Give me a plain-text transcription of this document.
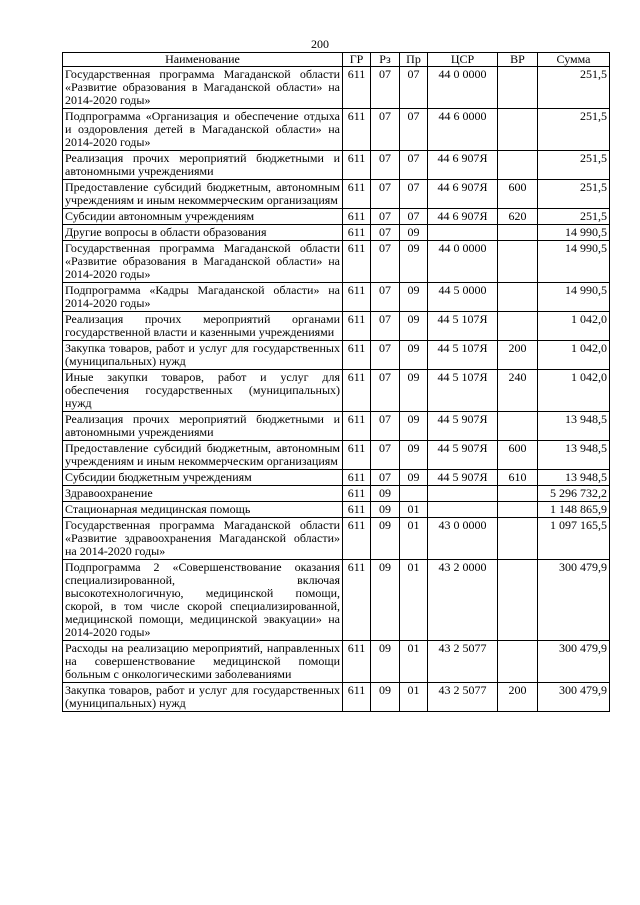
200
Наименование	ГР	Рз	Пр	ЦСР	ВР	Сумма
Государственная программа Магаданской области «Развитие образования в Магаданской области» на 2014-2020 годы»	611	07	07	44 0 0000		251,5
Подпрограмма «Организация и обеспечение отдыха и оздоровления детей в Магаданской области» на 2014-2020 годы»	611	07	07	44 6 0000		251,5
Реализация прочих мероприятий бюджетными и автономными учреждениями	611	07	07	44 6 907Я		251,5
Предоставление субсидий бюджетным, автономным учреждениям и иным некоммерческим организациям	611	07	07	44 6 907Я	600	251,5
Субсидии автономным учреждениям	611	07	07	44 6 907Я	620	251,5
Другие вопросы в области образования	611	07	09			14 990,5
Государственная программа Магаданской области «Развитие образования в Магаданской области» на 2014-2020 годы»	611	07	09	44 0 0000		14 990,5
Подпрограмма «Кадры Магаданской области» на 2014-2020 годы»	611	07	09	44 5 0000		14 990,5
Реализация прочих мероприятий органами государственной власти и казенными учреждениями	611	07	09	44 5 107Я		1 042,0
Закупка товаров, работ и услуг для государственных (муниципальных) нужд	611	07	09	44 5 107Я	200	1 042,0
Иные закупки товаров, работ и услуг для обеспечения государственных (муниципальных) нужд	611	07	09	44 5 107Я	240	1 042,0
Реализация прочих мероприятий бюджетными и автономными учреждениями	611	07	09	44 5 907Я		13 948,5
Предоставление субсидий бюджетным, автономным учреждениям и иным некоммерческим организациям	611	07	09	44 5 907Я	600	13 948,5
Субсидии бюджетным учреждениям	611	07	09	44 5 907Я	610	13 948,5
Здравоохранение	611	09				5 296 732,2
Стационарная медицинская помощь	611	09	01			1 148 865,9
Государственная программа Магаданской области «Развитие здравоохранения Магаданской области» на 2014-2020 годы»	611	09	01	43 0 0000		1 097 165,5
Подпрограмма 2 «Совершенствование оказания специализированной, включая высокотехнологичную, медицинской помощи, скорой, в том числе скорой специализированной, медицинской помощи, медицинской эвакуации» на 2014-2020 годы»	611	09	01	43 2 0000		300 479,9
Расходы на реализацию мероприятий, направленных на совершенствование медицинской помощи больным с онкологическими заболеваниями	611	09	01	43 2 5077		300 479,9
Закупка товаров, работ и услуг для государственных (муниципальных) нужд	611	09	01	43 2 5077	200	300 479,9
